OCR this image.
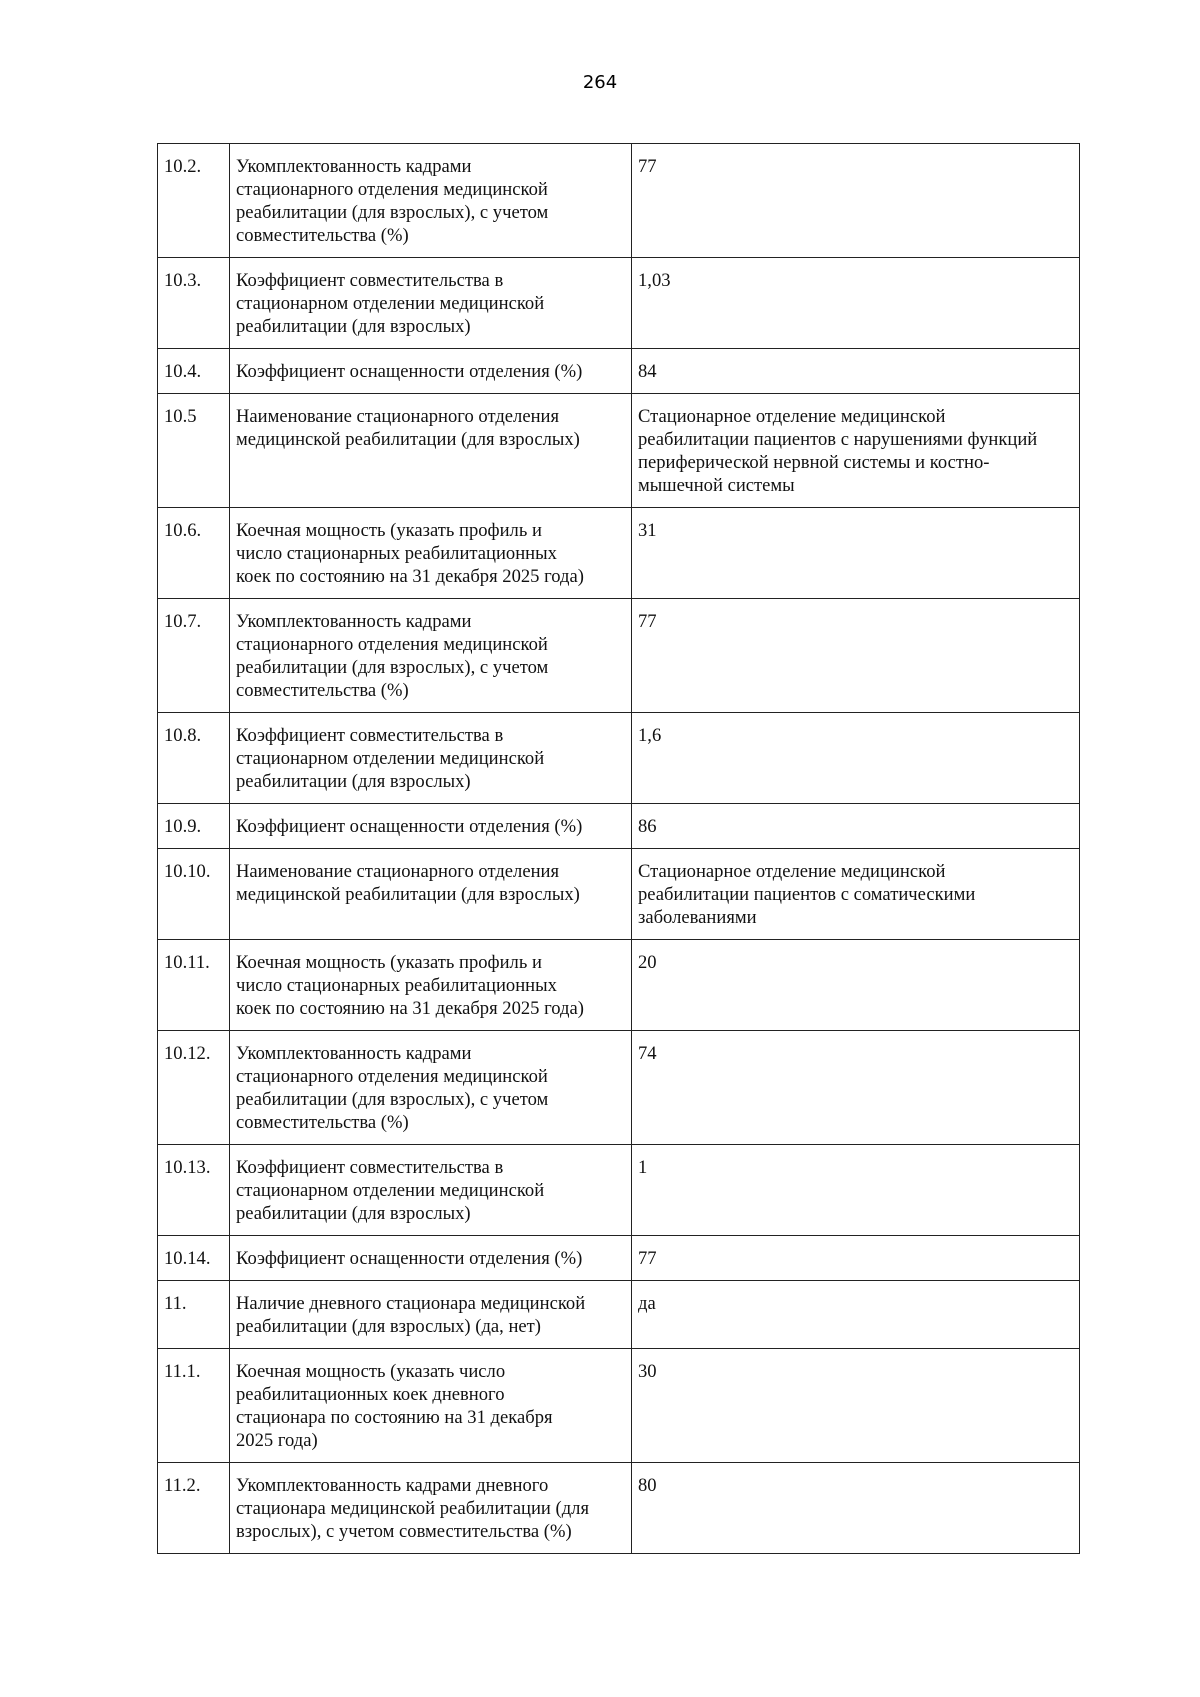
264
10.2.	Укомплектованность кадрами
стационарного отделения медицинской
реабилитации (для взрослых), с учетом
совместительства (%)	77
10.3.	Коэффициент совместительства в
стационарном отделении медицинской
реабилитации (для взрослых)	1,03
10.4.	Коэффициент оснащенности отделения (%)	84
10.5	Наименование стационарного отделения
медицинской реабилитации (для взрослых)	Стационарное отделение медицинской
реабилитации пациентов с нарушениями функций
периферической нервной системы и костно-
мышечной системы
10.6.	Коечная мощность (указать профиль и
число стационарных реабилитационных
коек по состоянию на 31 декабря 2025 года)	31
10.7.	Укомплектованность кадрами
стационарного отделения медицинской
реабилитации (для взрослых), с учетом
совместительства (%)	77
10.8.	Коэффициент совместительства в
стационарном отделении медицинской
реабилитации (для взрослых)	1,6
10.9.	Коэффициент оснащенности отделения (%)	86
10.10.	Наименование стационарного отделения
медицинской реабилитации (для взрослых)	Стационарное отделение медицинской
реабилитации пациентов с соматическими
заболеваниями
10.11.	Коечная мощность (указать профиль и
число стационарных реабилитационных
коек по состоянию на 31 декабря 2025 года)	20
10.12.	Укомплектованность кадрами
стационарного отделения медицинской
реабилитации (для взрослых), с учетом
совместительства (%)	74
10.13.	Коэффициент совместительства в
стационарном отделении медицинской
реабилитации (для взрослых)	1
10.14.	Коэффициент оснащенности отделения (%)	77
11.	Наличие дневного стационара медицинской
реабилитации (для взрослых) (да, нет)	да
11.1.	Коечная мощность (указать число
реабилитационных коек дневного
стационара по состоянию на 31 декабря
2025 года)	30
11.2.	Укомплектованность кадрами дневного
стационара медицинской реабилитации (для
взрослых), с учетом совместительства (%)	80
